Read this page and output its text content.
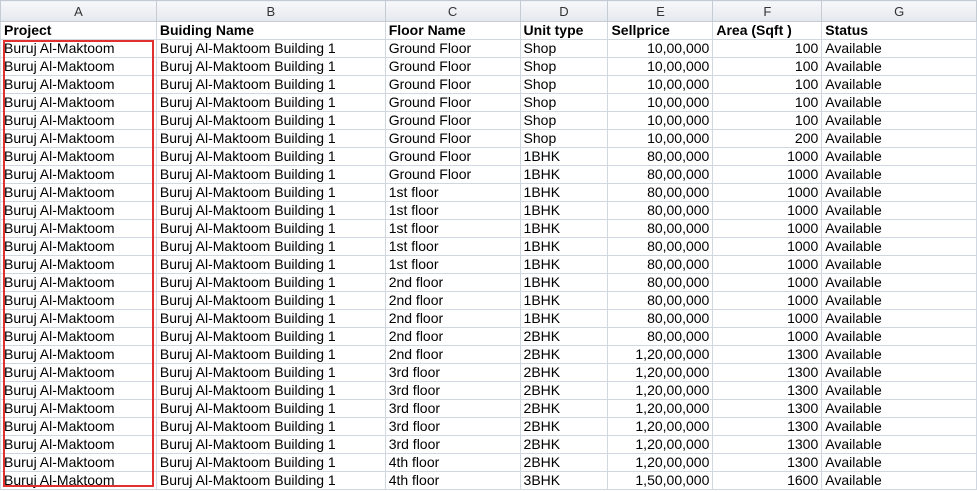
A	B	C	D	E	F	G
Project	Buiding Name	Floor Name	Unit type	Sellprice	Area (Sqft )	Status
Buruj Al-Maktoom	Buruj Al-Maktoom Building 1	Ground Floor	Shop	10,00,000	100	Available
Buruj Al-Maktoom	Buruj Al-Maktoom Building 1	Ground Floor	Shop	10,00,000	100	Available
Buruj Al-Maktoom	Buruj Al-Maktoom Building 1	Ground Floor	Shop	10,00,000	100	Available
Buruj Al-Maktoom	Buruj Al-Maktoom Building 1	Ground Floor	Shop	10,00,000	100	Available
Buruj Al-Maktoom	Buruj Al-Maktoom Building 1	Ground Floor	Shop	10,00,000	100	Available
Buruj Al-Maktoom	Buruj Al-Maktoom Building 1	Ground Floor	Shop	10,00,000	200	Available
Buruj Al-Maktoom	Buruj Al-Maktoom Building 1	Ground Floor	1BHK	80,00,000	1000	Available
Buruj Al-Maktoom	Buruj Al-Maktoom Building 1	Ground Floor	1BHK	80,00,000	1000	Available
Buruj Al-Maktoom	Buruj Al-Maktoom Building 1	1st floor	1BHK	80,00,000	1000	Available
Buruj Al-Maktoom	Buruj Al-Maktoom Building 1	1st floor	1BHK	80,00,000	1000	Available
Buruj Al-Maktoom	Buruj Al-Maktoom Building 1	1st floor	1BHK	80,00,000	1000	Available
Buruj Al-Maktoom	Buruj Al-Maktoom Building 1	1st floor	1BHK	80,00,000	1000	Available
Buruj Al-Maktoom	Buruj Al-Maktoom Building 1	1st floor	1BHK	80,00,000	1000	Available
Buruj Al-Maktoom	Buruj Al-Maktoom Building 1	2nd floor	1BHK	80,00,000	1000	Available
Buruj Al-Maktoom	Buruj Al-Maktoom Building 1	2nd floor	1BHK	80,00,000	1000	Available
Buruj Al-Maktoom	Buruj Al-Maktoom Building 1	2nd floor	1BHK	80,00,000	1000	Available
Buruj Al-Maktoom	Buruj Al-Maktoom Building 1	2nd floor	2BHK	80,00,000	1000	Available
Buruj Al-Maktoom	Buruj Al-Maktoom Building 1	2nd floor	2BHK	1,20,00,000	1300	Available
Buruj Al-Maktoom	Buruj Al-Maktoom Building 1	3rd floor	2BHK	1,20,00,000	1300	Available
Buruj Al-Maktoom	Buruj Al-Maktoom Building 1	3rd floor	2BHK	1,20,00,000	1300	Available
Buruj Al-Maktoom	Buruj Al-Maktoom Building 1	3rd floor	2BHK	1,20,00,000	1300	Available
Buruj Al-Maktoom	Buruj Al-Maktoom Building 1	3rd floor	2BHK	1,20,00,000	1300	Available
Buruj Al-Maktoom	Buruj Al-Maktoom Building 1	3rd floor	2BHK	1,20,00,000	1300	Available
Buruj Al-Maktoom	Buruj Al-Maktoom Building 1	4th floor	2BHK	1,20,00,000	1300	Available
Buruj Al-Maktoom	Buruj Al-Maktoom Building 1	4th floor	3BHK	1,50,00,000	1600	Available
